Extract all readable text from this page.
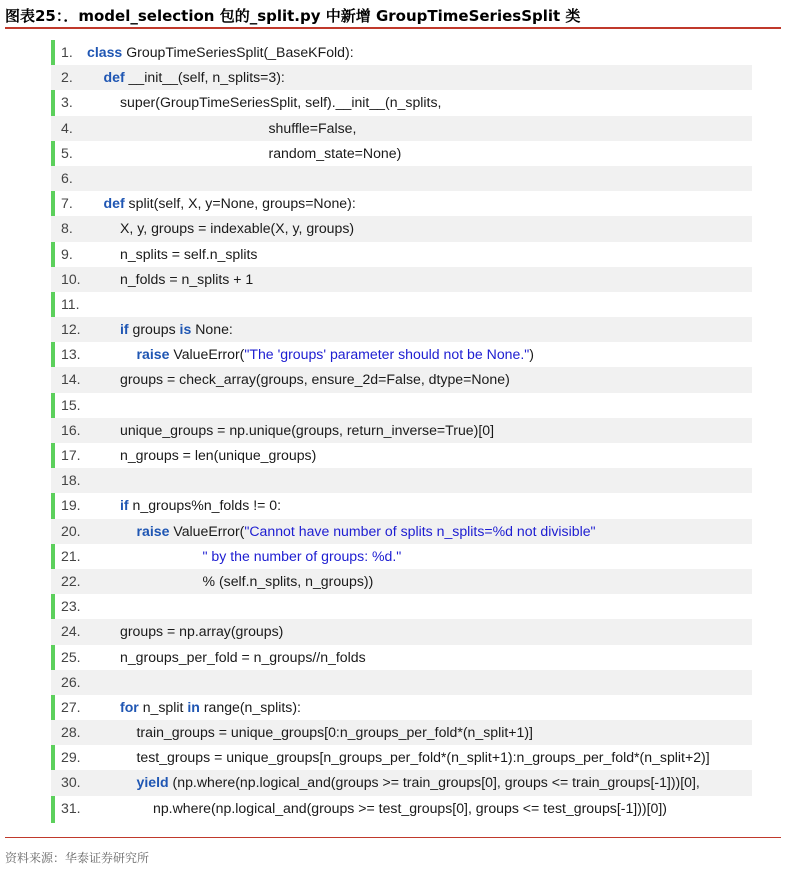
图表25：．model_selection 包的_split.py 中新增 GroupTimeSeriesSplit 类
1.	class GroupTimeSeriesSplit(_BaseKFold):
2.	def __init__(self, n_splits=3):
3.	super(GroupTimeSeriesSplit, self).__init__(n_splits,
4.	shuffle=False,
5.	random_state=None)
6.
7.	def split(self, X, y=None, groups=None):
8.	X, y, groups = indexable(X, y, groups)
9.	n_splits = self.n_splits
10.	n_folds = n_splits + 1
11.
12.	if groups is None:
13.	raise ValueError("The 'groups' parameter should not be None.")
14.	groups = check_array(groups, ensure_2d=False, dtype=None)
15.
16.	unique_groups = np.unique(groups, return_inverse=True)[0]
17.	n_groups = len(unique_groups)
18.
19.	if n_groups%n_folds != 0:
20.	raise ValueError("Cannot have number of splits n_splits=%d not divisible"
21.	" by the number of groups: %d."
22.	% (self.n_splits, n_groups))
23.
24.	groups = np.array(groups)
25.	n_groups_per_fold = n_groups//n_folds
26.
27.	for n_split in range(n_splits):
28.	train_groups = unique_groups[0:n_groups_per_fold*(n_split+1)]
29.	test_groups = unique_groups[n_groups_per_fold*(n_split+1):n_groups_per_fold*(n_split+2)]
30.	yield (np.where(np.logical_and(groups >= train_groups[0], groups <= train_groups[-1]))[0],
31.	np.where(np.logical_and(groups >= test_groups[0], groups <= test_groups[-1]))[0])
资料来源：华泰证券研究所
